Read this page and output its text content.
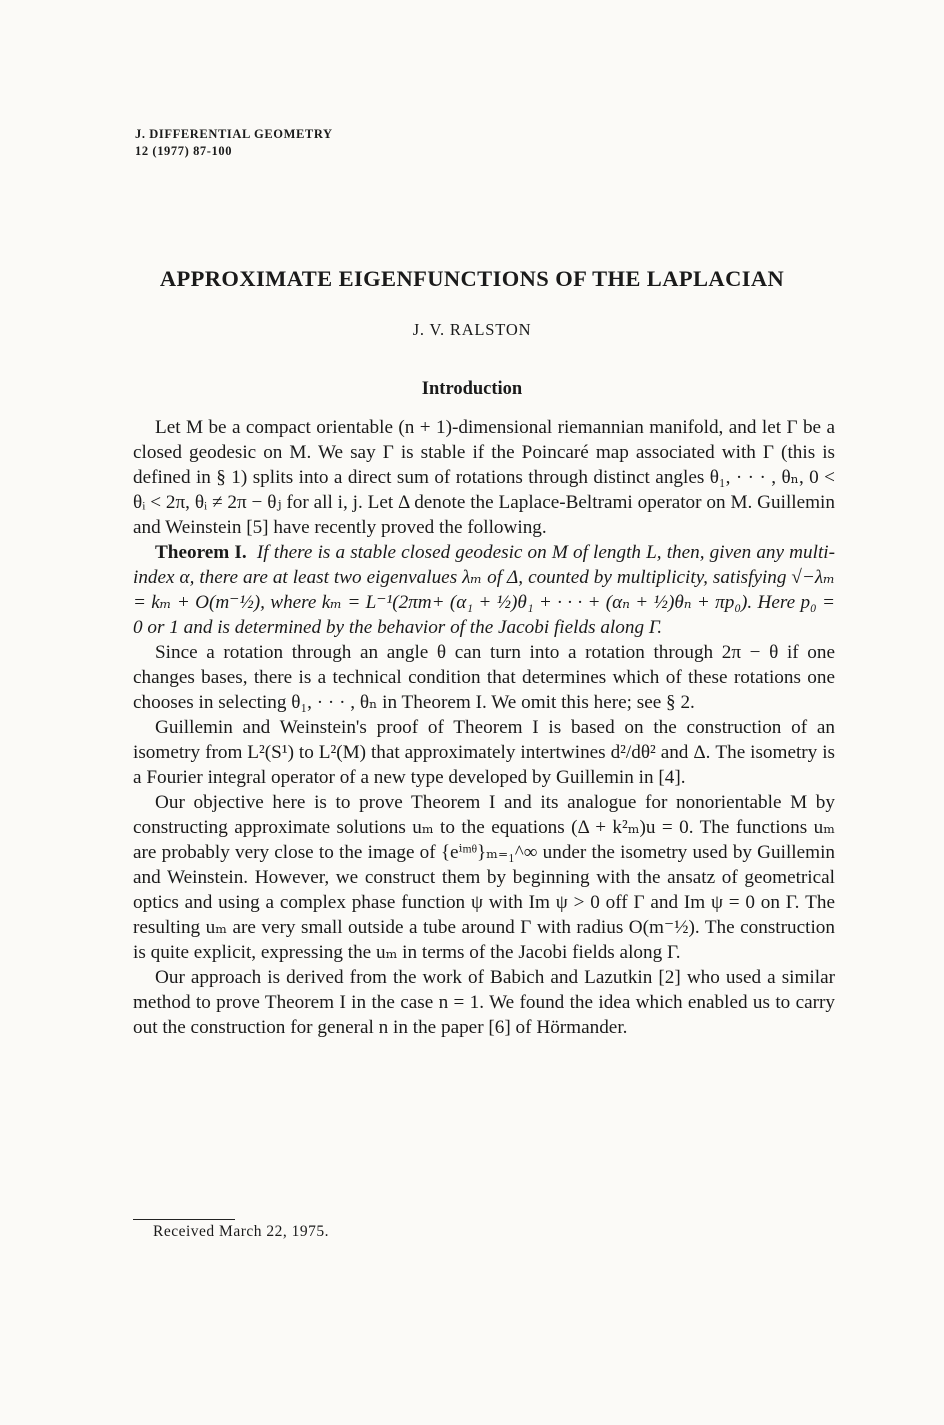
J. DIFFERENTIAL GEOMETRY
12 (1977) 87-100
APPROXIMATE EIGENFUNCTIONS OF THE LAPLACIAN
J. V. RALSTON
Introduction

Let M be a compact orientable (n + 1)-dimensional riemannian manifold, and let Γ be a closed geodesic on M. We say Γ is stable if the Poincaré map associated with Γ (this is defined in § 1) splits into a direct sum of rotations through distinct angles θ₁, · · · , θₙ, 0 < θᵢ < 2π, θᵢ ≠ 2π − θⱼ for all i, j. Let Δ denote the Laplace-Beltrami operator on M. Guillemin and Weinstein [5] have recently proved the following.

Theorem I. If there is a stable closed geodesic on M of length L, then, given any multi-index α, there are at least two eigenvalues λₘ of Δ, counted by multiplicity, satisfying √−λₘ = kₘ + O(m⁻½), where kₘ = L⁻¹(2πm+ (α₁ + ½)θ₁ + · · · + (αₙ + ½)θₙ + πp₀). Here p₀ = 0 or 1 and is determined by the behavior of the Jacobi fields along Γ.

Since a rotation through an angle θ can turn into a rotation through 2π − θ if one changes bases, there is a technical condition that determines which of these rotations one chooses in selecting θ₁, · · · , θₙ in Theorem I. We omit this here; see § 2.

Guillemin and Weinstein's proof of Theorem I is based on the construction of an isometry from L²(S¹) to L²(M) that approximately intertwines d²/dθ² and Δ. The isometry is a Fourier integral operator of a new type developed by Guillemin in [4].

Our objective here is to prove Theorem I and its analogue for nonorientable M by constructing approximate solutions uₘ to the equations (Δ + k²ₘ)u = 0. The functions uₘ are probably very close to the image of {eⁱᵐᶿ}ₘ₌₁^∞ under the isometry used by Guillemin and Weinstein. However, we construct them by beginning with the ansatz of geometrical optics and using a complex phase function ψ with Im ψ > 0 off Γ and Im ψ = 0 on Γ. The resulting uₘ are very small outside a tube around Γ with radius O(m⁻½). The construction is quite explicit, expressing the uₘ in terms of the Jacobi fields along Γ.

Our approach is derived from the work of Babich and Lazutkin [2] who used a similar method to prove Theorem I in the case n = 1. We found the idea which enabled us to carry out the construction for general n in the paper [6] of Hörmander.

Received March 22, 1975.
